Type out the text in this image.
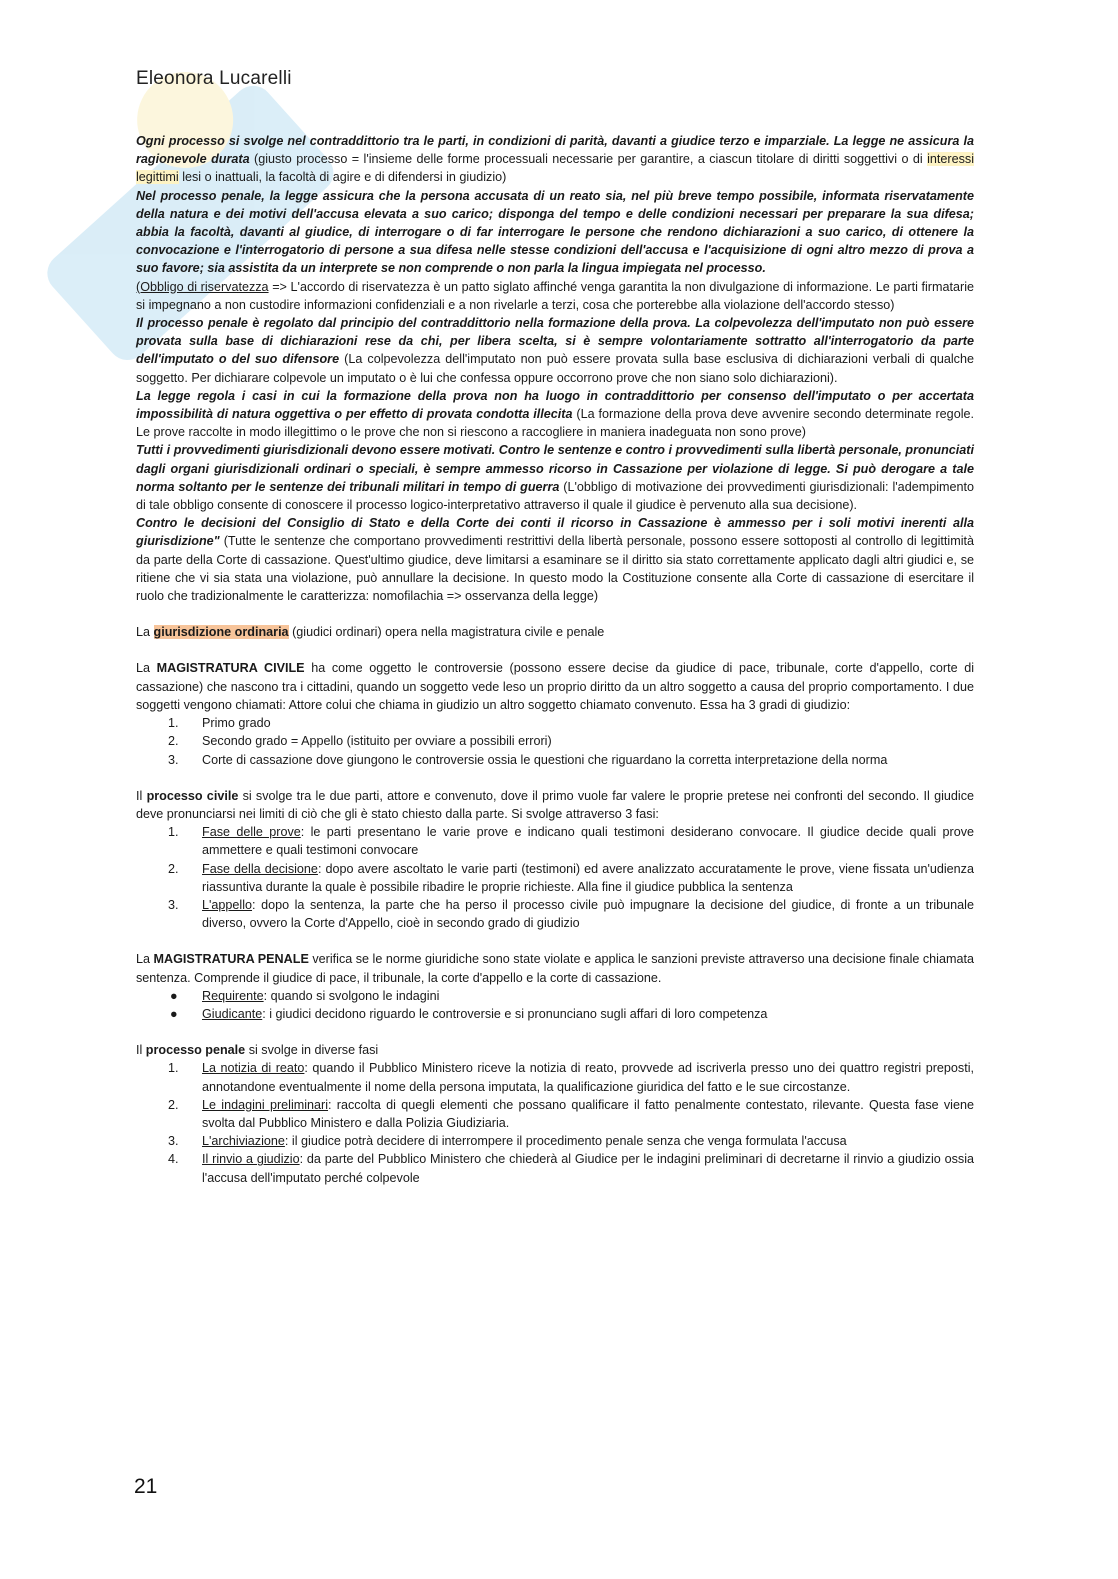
Eleonora Lucarelli

Ogni processo si svolge nel contraddittorio tra le parti, in condizioni di parità, davanti a giudice terzo e imparziale. La legge ne assicura la ragionevole durata (giusto processo = l'insieme delle forme processuali necessarie per garantire, a ciascun titolare di diritti soggettivi o di interessi legittimi lesi o inattuali, la facoltà di agire e di difendersi in giudizio)

Nel processo penale, la legge assicura che la persona accusata di un reato sia, nel più breve tempo possibile, informata riservatamente della natura e dei motivi dell'accusa elevata a suo carico; disponga del tempo e delle condizioni necessari per preparare la sua difesa; abbia la facoltà, davanti al giudice, di interrogare o di far interrogare le persone che rendono dichiarazioni a suo carico, di ottenere la convocazione e l'interrogatorio di persone a sua difesa nelle stesse condizioni dell'accusa e l'acquisizione di ogni altro mezzo di prova a suo favore; sia assistita da un interprete se non comprende o non parla la lingua impiegata nel processo.

(Obbligo di riservatezza => L'accordo di riservatezza è un patto siglato affinché venga garantita la non divulgazione di informazione. Le parti firmatarie si impegnano a non custodire informazioni confidenziali e a non rivelarle a terzi, cosa che porterebbe alla violazione dell'accordo stesso)

Il processo penale è regolato dal principio del contraddittorio nella formazione della prova. La colpevolezza dell'imputato non può essere provata sulla base di dichiarazioni rese da chi, per libera scelta, si è sempre volontariamente sottratto all'interrogatorio da parte dell'imputato o del suo difensore (La colpevolezza dell'imputato non può essere provata sulla base esclusiva di dichiarazioni verbali di qualche soggetto. Per dichiarare colpevole un imputato o è lui che confessa oppure occorrono prove che non siano solo dichiarazioni).

La legge regola i casi in cui la formazione della prova non ha luogo in contraddittorio per consenso dell'imputato o per accertata impossibilità di natura oggettiva o per effetto di provata condotta illecita (La formazione della prova deve avvenire secondo determinate regole. Le prove raccolte in modo illegittimo o le prove che non si riescono a raccogliere in maniera inadeguata non sono prove)

Tutti i provvedimenti giurisdizionali devono essere motivati. Contro le sentenze e contro i provvedimenti sulla libertà personale, pronunciati dagli organi giurisdizionali ordinari o speciali, è sempre ammesso ricorso in Cassazione per violazione di legge. Si può derogare a tale norma soltanto per le sentenze dei tribunali militari in tempo di guerra (L'obbligo di motivazione dei provvedimenti giurisdizionali: l'adempimento di tale obbligo consente di conoscere il processo logico-interpretativo attraverso il quale il giudice è pervenuto alla sua decisione).

Contro le decisioni del Consiglio di Stato e della Corte dei conti il ricorso in Cassazione è ammesso per i soli motivi inerenti alla giurisdizione" (Tutte le sentenze che comportano provvedimenti restrittivi della libertà personale, possono essere sottoposti al controllo di legittimità da parte della Corte di cassazione. Quest'ultimo giudice, deve limitarsi a esaminare se il diritto sia stato correttamente applicato dagli altri giudici e, se ritiene che vi sia stata una violazione, può annullare la decisione. In questo modo la Costituzione consente alla Corte di cassazione di esercitare il ruolo che tradizionalmente le caratterizza: nomofilachia => osservanza della legge)

La giurisdizione ordinaria (giudici ordinari) opera nella magistratura civile e penale

La MAGISTRATURA CIVILE ha come oggetto le controversie (possono essere decise da giudice di pace, tribunale, corte d'appello, corte di cassazione) che nascono tra i cittadini, quando un soggetto vede leso un proprio diritto da un altro soggetto a causa del proprio comportamento. I due soggetti vengono chiamati: Attore colui che chiama in giudizio un altro soggetto chiamato convenuto. Essa ha 3 gradi di giudizio:

1. Primo grado
2. Secondo grado = Appello (istituito per ovviare a possibili errori)
3. Corte di cassazione dove giungono le controversie ossia le questioni che riguardano la corretta interpretazione della norma

Il processo civile si svolge tra le due parti, attore e convenuto, dove il primo vuole far valere le proprie pretese nei confronti del secondo. Il giudice deve pronunciarsi nei limiti di ciò che gli è stato chiesto dalla parte. Si svolge attraverso 3 fasi:

1. Fase delle prove: le parti presentano le varie prove e indicano quali testimoni desiderano convocare. Il giudice decide quali prove ammettere e quali testimoni convocare
2. Fase della decisione: dopo avere ascoltato le varie parti (testimoni) ed avere analizzato accuratamente le prove, viene fissata un'udienza riassuntiva durante la quale è possibile ribadire le proprie richieste. Alla fine il giudice pubblica la sentenza
3. L'appello: dopo la sentenza, la parte che ha perso il processo civile può impugnare la decisione del giudice, di fronte a un tribunale diverso, ovvero la Corte d'Appello, cioè in secondo grado di giudizio

La MAGISTRATURA PENALE verifica se le norme giuridiche sono state violate e applica le sanzioni previste attraverso una decisione finale chiamata sentenza. Comprende il giudice di pace, il tribunale, la corte d'appello e la corte di cassazione.

● Requirente: quando si svolgono le indagini
● Giudicante: i giudici decidono riguardo le controversie e si pronunciano sugli affari di loro competenza

Il processo penale si svolge in diverse fasi

1. La notizia di reato: quando il Pubblico Ministero riceve la notizia di reato, provvede ad iscriverla presso uno dei quattro registri preposti, annotandone eventualmente il nome della persona imputata, la qualificazione giuridica del fatto e le sue circostanze.
2. Le indagini preliminari: raccolta di quegli elementi che possano qualificare il fatto penalmente contestato, rilevante. Questa fase viene svolta dal Pubblico Ministero e dalla Polizia Giudiziaria.
3. L'archiviazione: il giudice potrà decidere di interrompere il procedimento penale senza che venga formulata l'accusa
4. Il rinvio a giudizio: da parte del Pubblico Ministero che chiederà al Giudice per le indagini preliminari di decretarne il rinvio a giudizio ossia l'accusa dell'imputato perché colpevole
21
